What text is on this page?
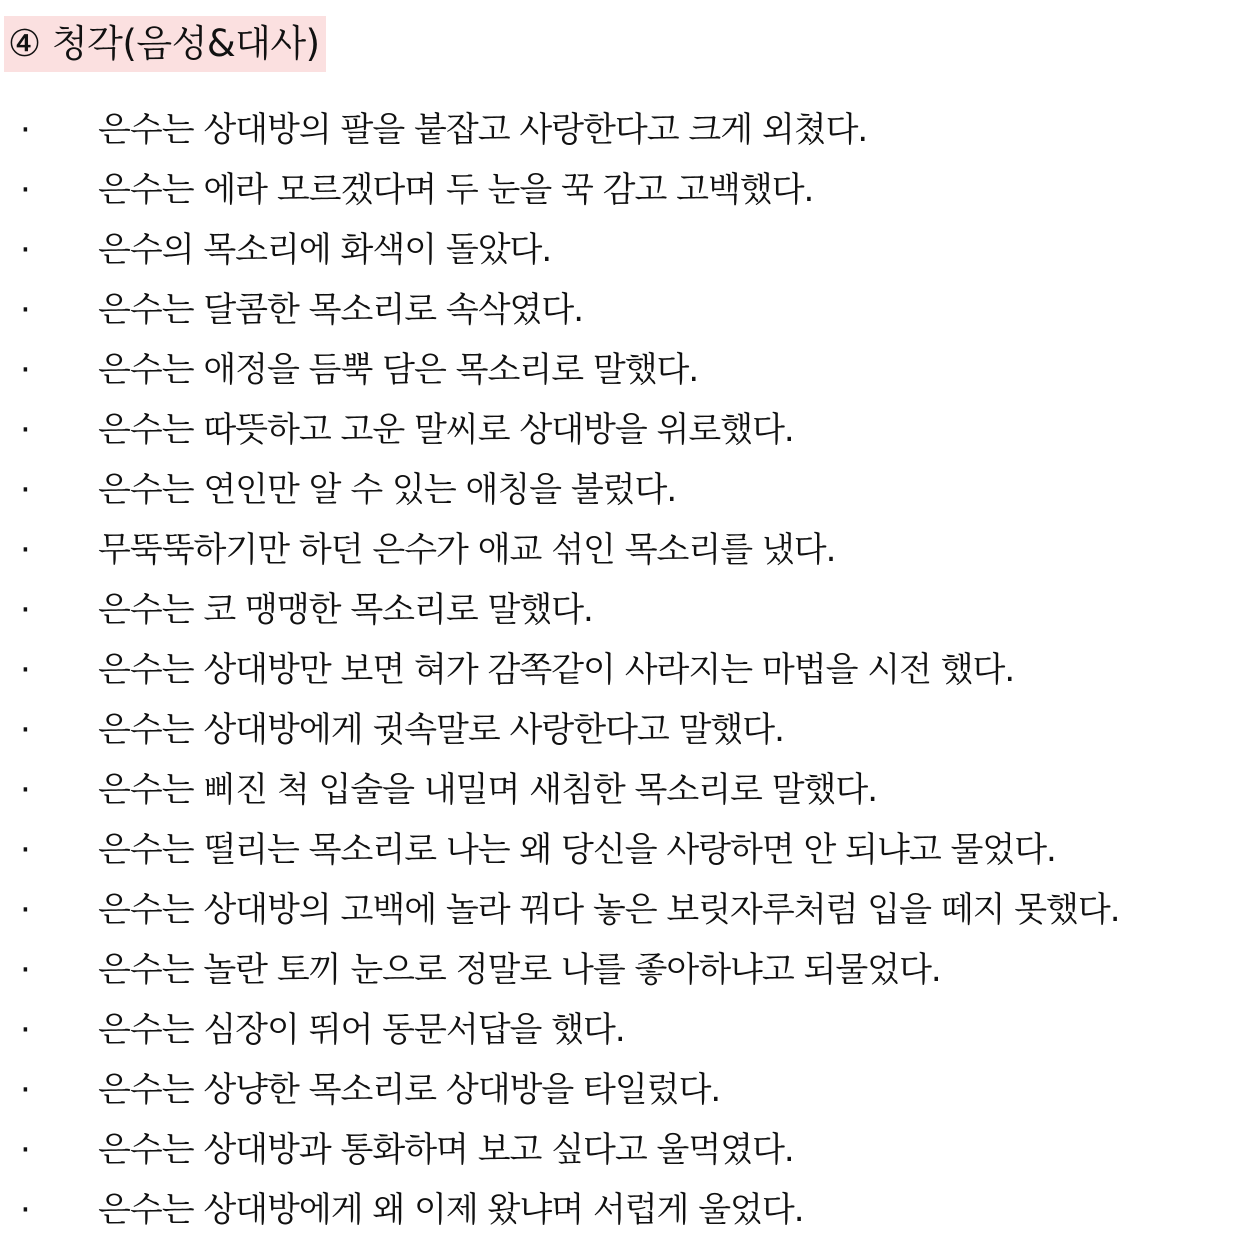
④ 청각(음성&대사)
· 은수는 상대방의 팔을 붙잡고 사랑한다고 크게 외쳤다.
· 은수는 에라 모르겠다며 두 눈을 꾹 감고 고백했다.
· 은수의 목소리에 화색이 돌았다.
· 은수는 달콤한 목소리로 속삭였다.
· 은수는 애정을 듬뿍 담은 목소리로 말했다.
· 은수는 따뜻하고 고운 말씨로 상대방을 위로했다.
· 은수는 연인만 알 수 있는 애칭을 불렀다.
· 무뚝뚝하기만 하던 은수가 애교 섞인 목소리를 냈다.
· 은수는 코 맹맹한 목소리로 말했다.
· 은수는 상대방만 보면 혀가 감쪽같이 사라지는 마법을 시전 했다.
· 은수는 상대방에게 귓속말로 사랑한다고 말했다.
· 은수는 삐진 척 입술을 내밀며 새침한 목소리로 말했다.
· 은수는 떨리는 목소리로 나는 왜 당신을 사랑하면 안 되냐고 물었다.
· 은수는 상대방의 고백에 놀라 꿔다 놓은 보릿자루처럼 입을 떼지 못했다.
· 은수는 놀란 토끼 눈으로 정말로 나를 좋아하냐고 되물었다.
· 은수는 심장이 뛰어 동문서답을 했다.
· 은수는 상냥한 목소리로 상대방을 타일렀다.
· 은수는 상대방과 통화하며 보고 싶다고 울먹였다.
· 은수는 상대방에게 왜 이제 왔냐며 서럽게 울었다.
